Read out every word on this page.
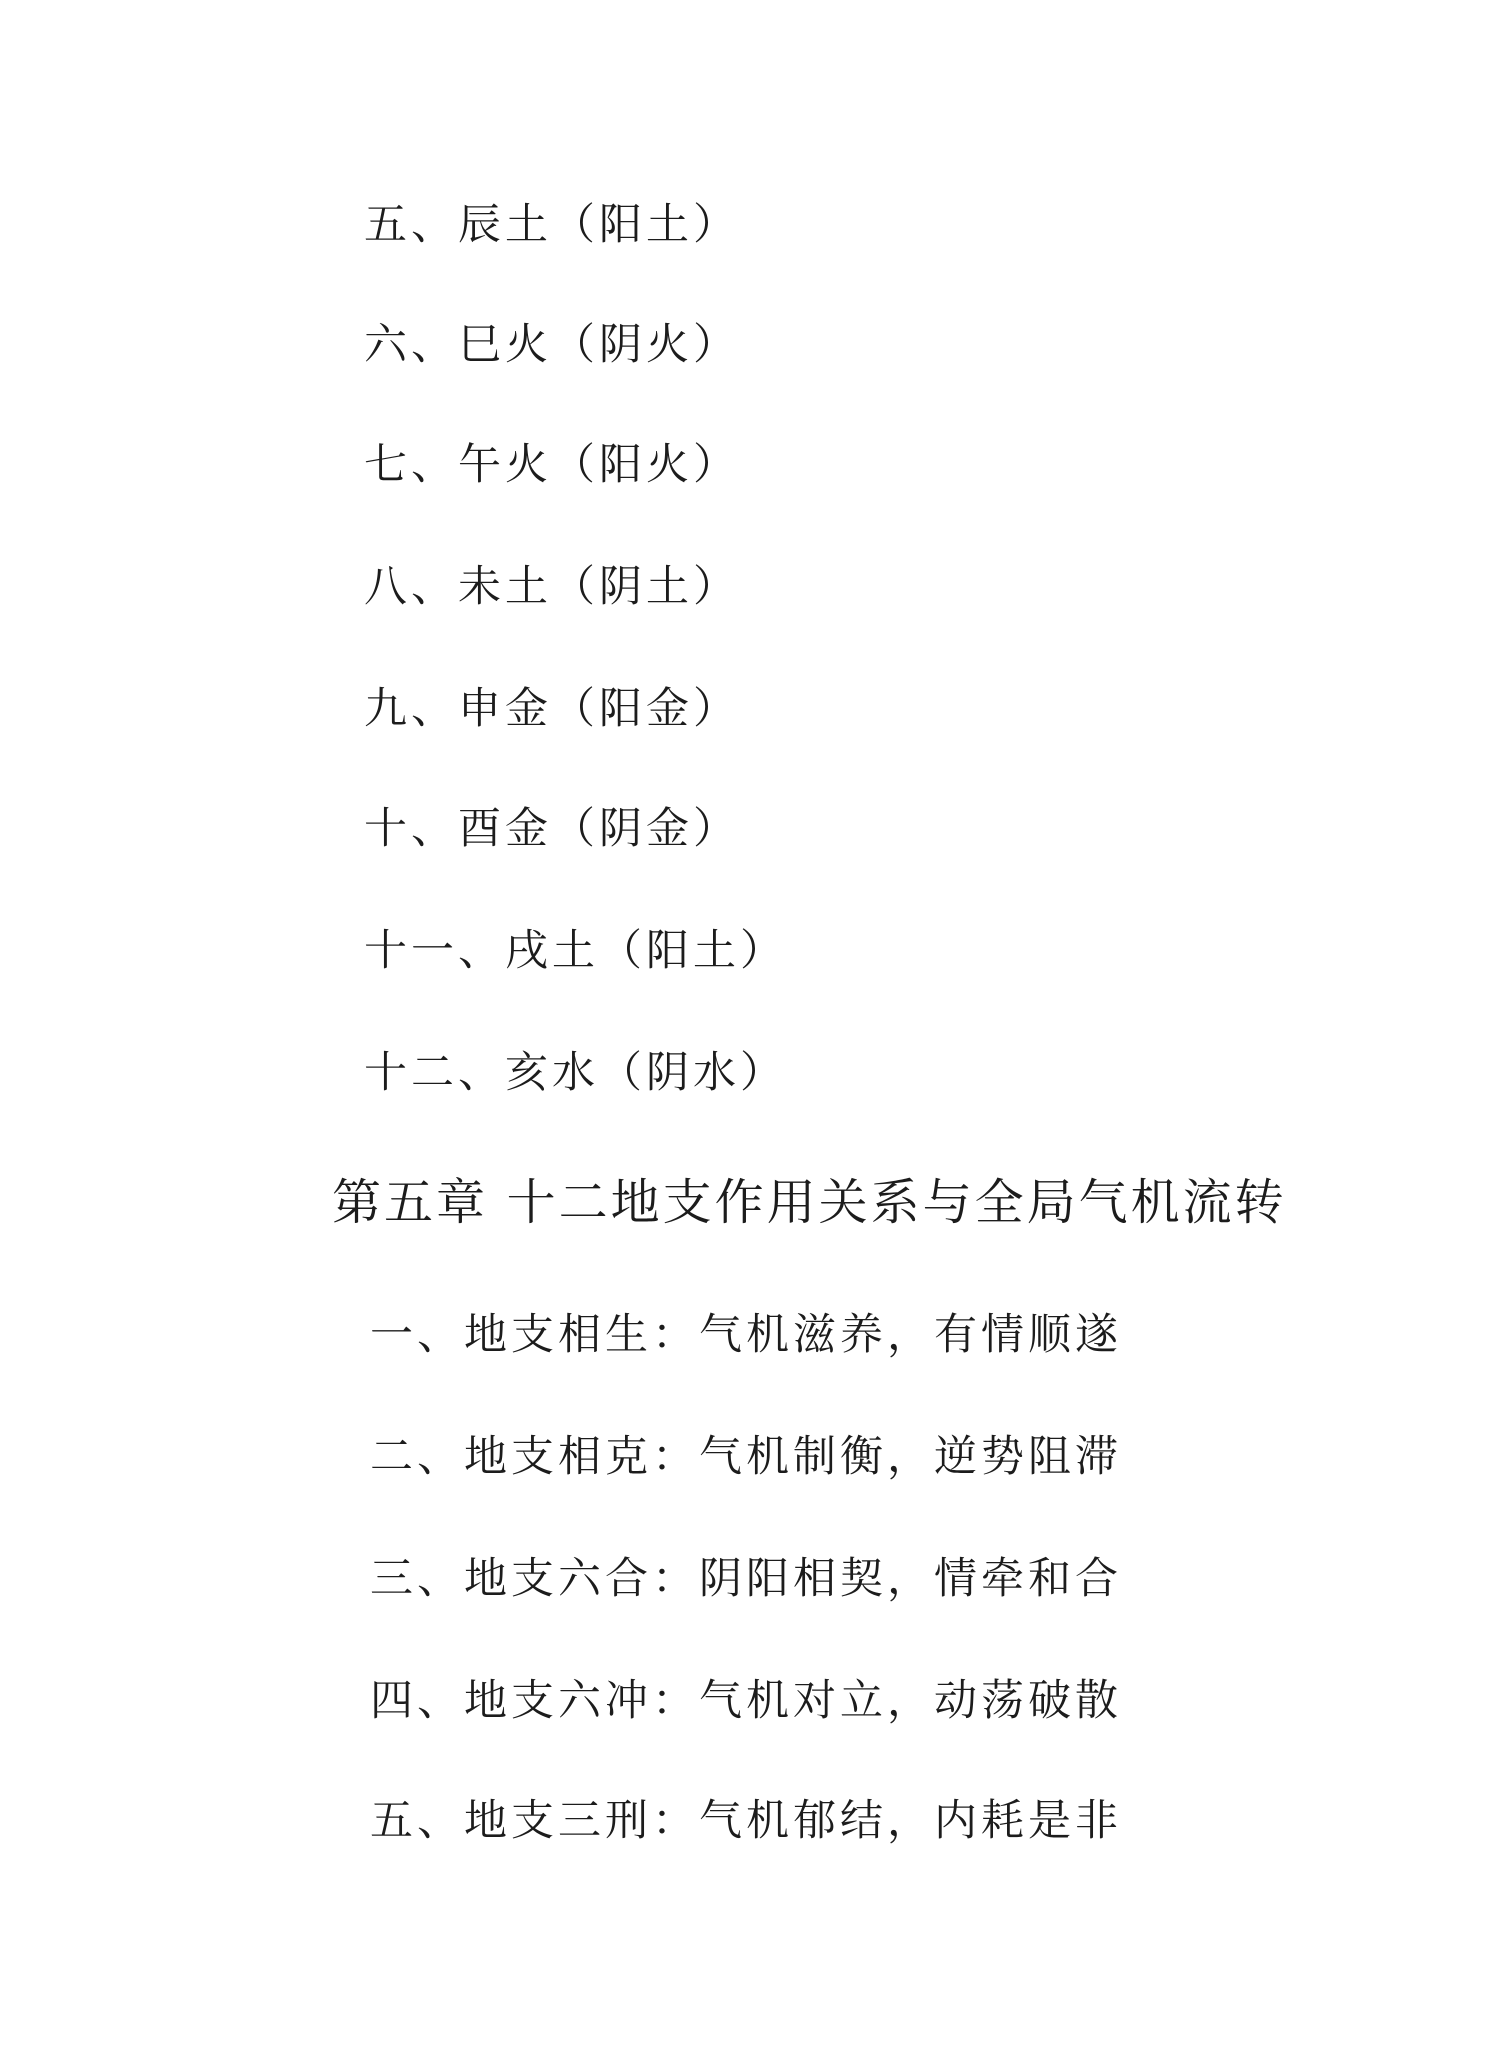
五、辰土（阳土）
六、巳火（阴火）
七、午火（阳火）
八、未土（阴土）
九、申金（阳金）
十、酉金（阴金）
十一、戌土（阳土）
十二、亥水（阴水）
第五章 十二地支作用关系与全局气机流转
一、地支相生：气机滋养，有情顺遂
二、地支相克：气机制衡，逆势阻滞
三、地支六合：阴阳相契，情牵和合
四、地支六冲：气机对立，动荡破散
五、地支三刑：气机郁结，内耗是非
